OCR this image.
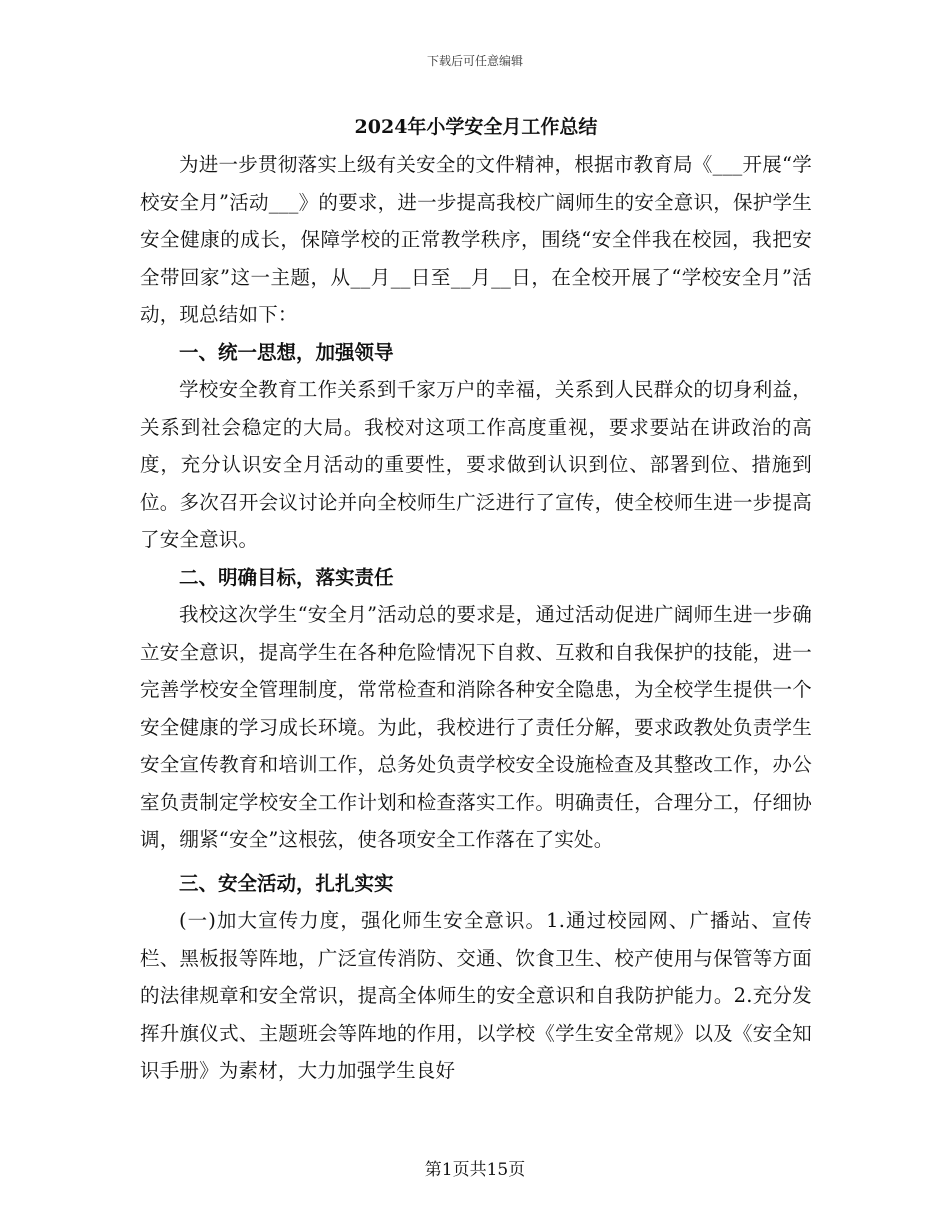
下载后可任意编辑
2024年小学安全月工作总结

为进一步贯彻落实上级有关安全的文件精神，根据市教育局《___开展“学校安全月”活动___》的要求，进一步提高我校广阔师生的安全意识，保护学生安全健康的成长，保障学校的正常教学秩序，围绕“安全伴我在校园，我把安全带回家”这一主题，从__月__日至__月__日，在全校开展了“学校安全月”活动，现总结如下：

一、统一思想，加强领导

学校安全教育工作关系到千家万户的幸福，关系到人民群众的切身利益，关系到社会稳定的大局。我校对这项工作高度重视，要求要站在讲政治的高度，充分认识安全月活动的重要性，要求做到认识到位、部署到位、措施到位。多次召开会议讨论并向全校师生广泛进行了宣传，使全校师生进一步提高了安全意识。

二、明确目标，落实责任

我校这次学生“安全月”活动总的要求是，通过活动促进广阔师生进一步确立安全意识，提高学生在各种危险情况下自救、互救和自我保护的技能，进一完善学校安全管理制度，常常检查和消除各种安全隐患，为全校学生提供一个安全健康的学习成长环境。为此，我校进行了责任分解，要求政教处负责学生安全宣传教育和培训工作，总务处负责学校安全设施检查及其整改工作，办公室负责制定学校安全工作计划和检查落实工作。明确责任，合理分工，仔细协调，绷紧“安全”这根弦，使各项安全工作落在了实处。

三、安全活动，扎扎实实

(一)加大宣传力度，强化师生安全意识。1.通过校园网、广播站、宣传栏、黑板报等阵地，广泛宣传消防、交通、饮食卫生、校产使用与保管等方面的法律规章和安全常识，提高全体师生的安全意识和自我防护能力。2.充分发挥升旗仪式、主题班会等阵地的作用，以学校《学生安全常规》以及《安全知识手册》为素材，大力加强学生良好

第1页共15页
